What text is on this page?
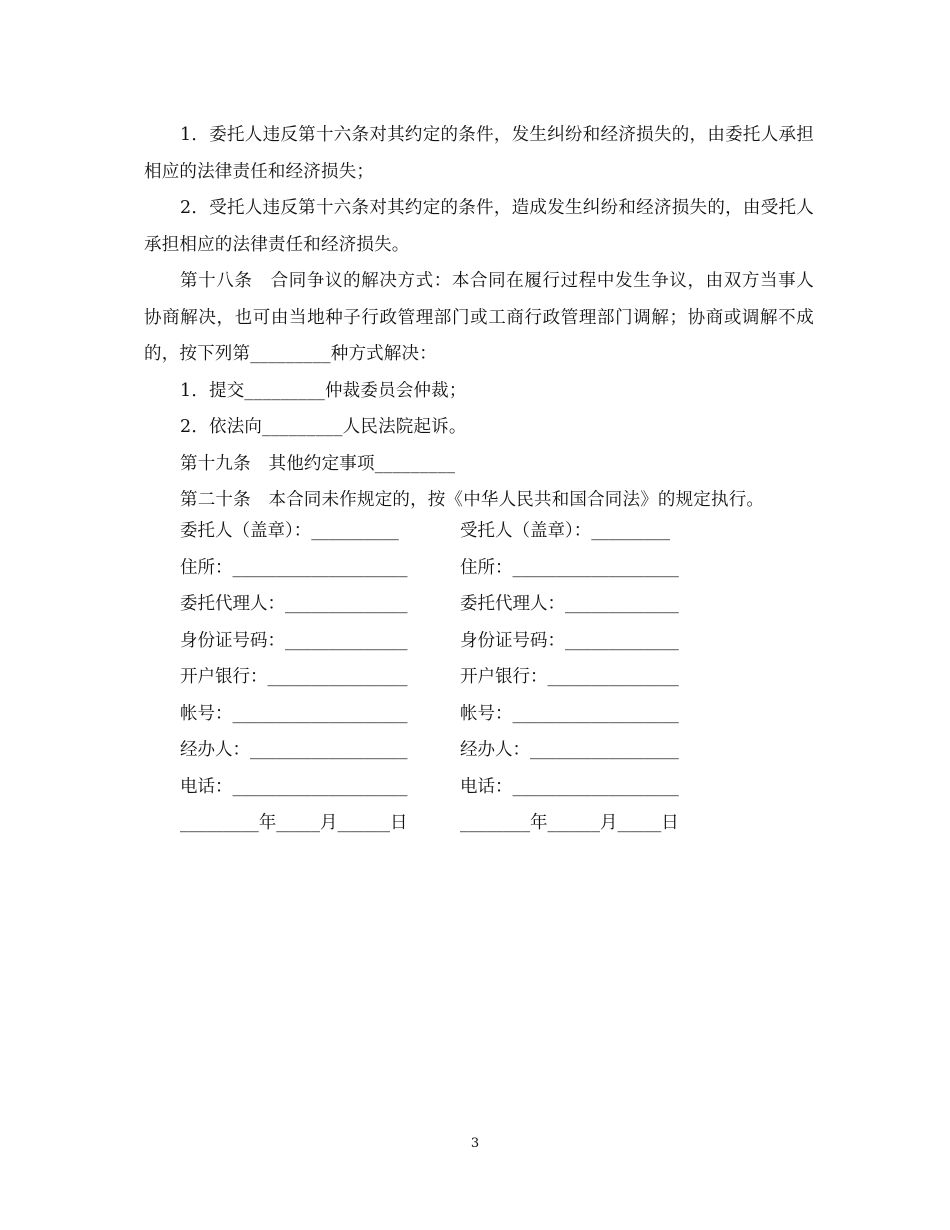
1．委托人违反第十六条对其约定的条件，发生纠纷和经济损失的，由委托人承担相应的法律责任和经济损失；

2．受托人违反第十六条对其约定的条件，造成发生纠纷和经济损失的，由受托人承担相应的法律责任和经济损失。

第十八条　合同争议的解决方式：本合同在履行过程中发生争议，由双方当事人协商解决，也可由当地种子行政管理部门或工商行政管理部门调解；协商或调解不成的，按下列第_________种方式解决：

1．提交_________仲裁委员会仲裁；

2．依法向_________人民法院起诉。

第十九条　其他约定事项_________

第二十条　本合同未作规定的，按《中华人民共和国合同法》的规定执行。

委托人（盖章）：__________	受托人（盖章）：_________
住所：____________________	住所：___________________
委托代理人：______________	委托代理人：_____________
身份证号码：______________	身份证号码：_____________
开户银行：________________	开户银行：_______________
帐号：____________________	帐号：___________________
经办人：__________________	经办人：_________________
电话：____________________	电话：___________________
_________年_____月______日	________年______月_____日
3
